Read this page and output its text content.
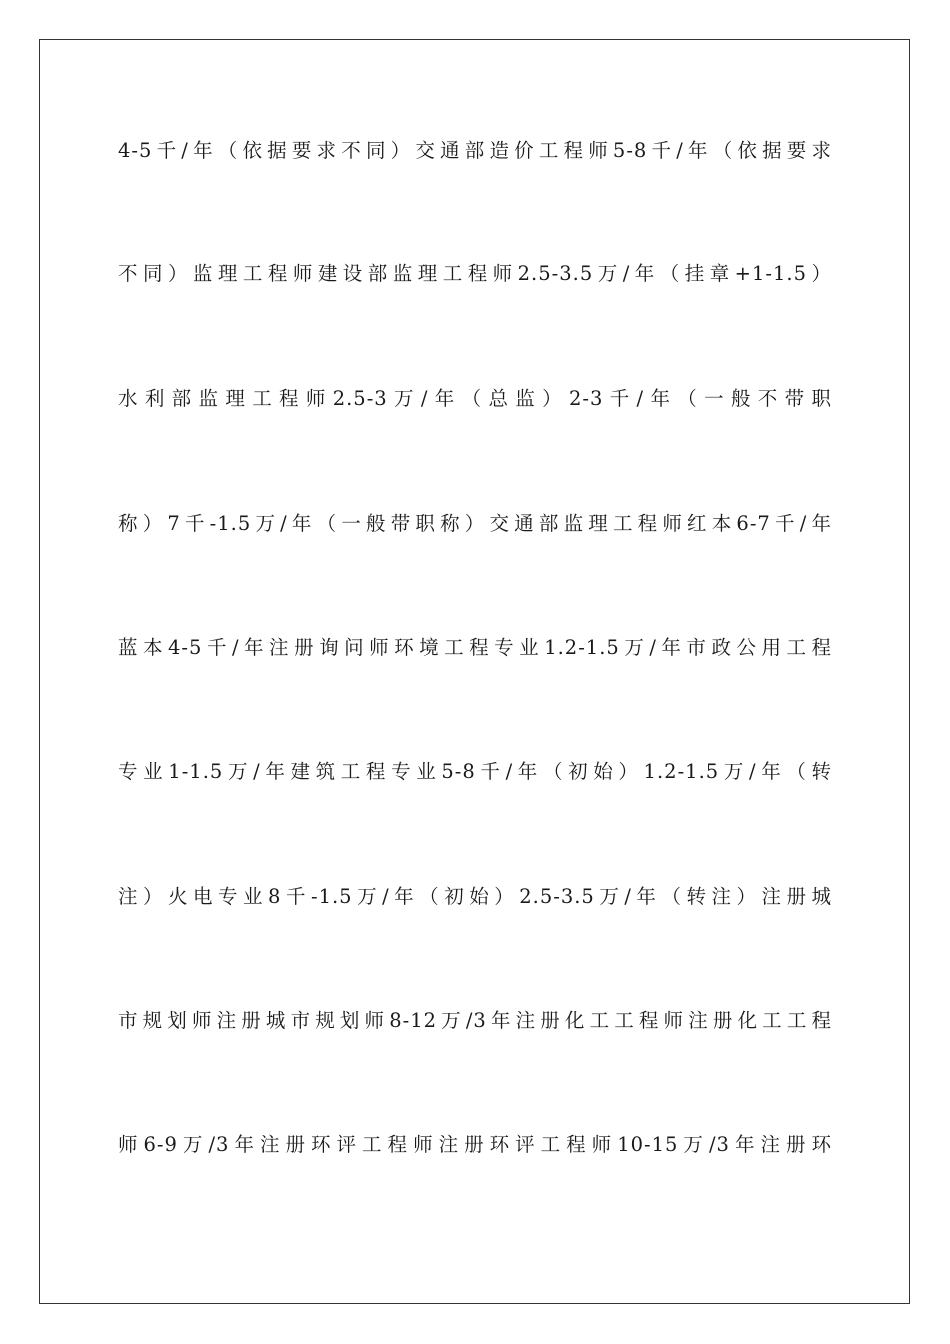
4-5千/年（依据要求不同）交通部造价工程师5-8千/年（依据要求
不同）监理工程师建设部监理工程师2.5-3.5万/年（挂章+1-1.5）
水利部监理工程师2.5-3万/年（总监）2-3千/年（一般不带职
称）7千-1.5万/年（一般带职称）交通部监理工程师红本6-7千/年
蓝本4-5千/年注册询问师环境工程专业1.2-1.5万/年市政公用工程
专业1-1.5万/年建筑工程专业5-8千/年（初始）1.2-1.5万/年（转
注）火电专业8千-1.5万/年（初始）2.5-3.5万/年（转注）注册城
市规划师注册城市规划师8-12万/3年注册化工工程师注册化工工程
师6-9万/3年注册环评工程师注册环评工程师10-15万/3年注册环
